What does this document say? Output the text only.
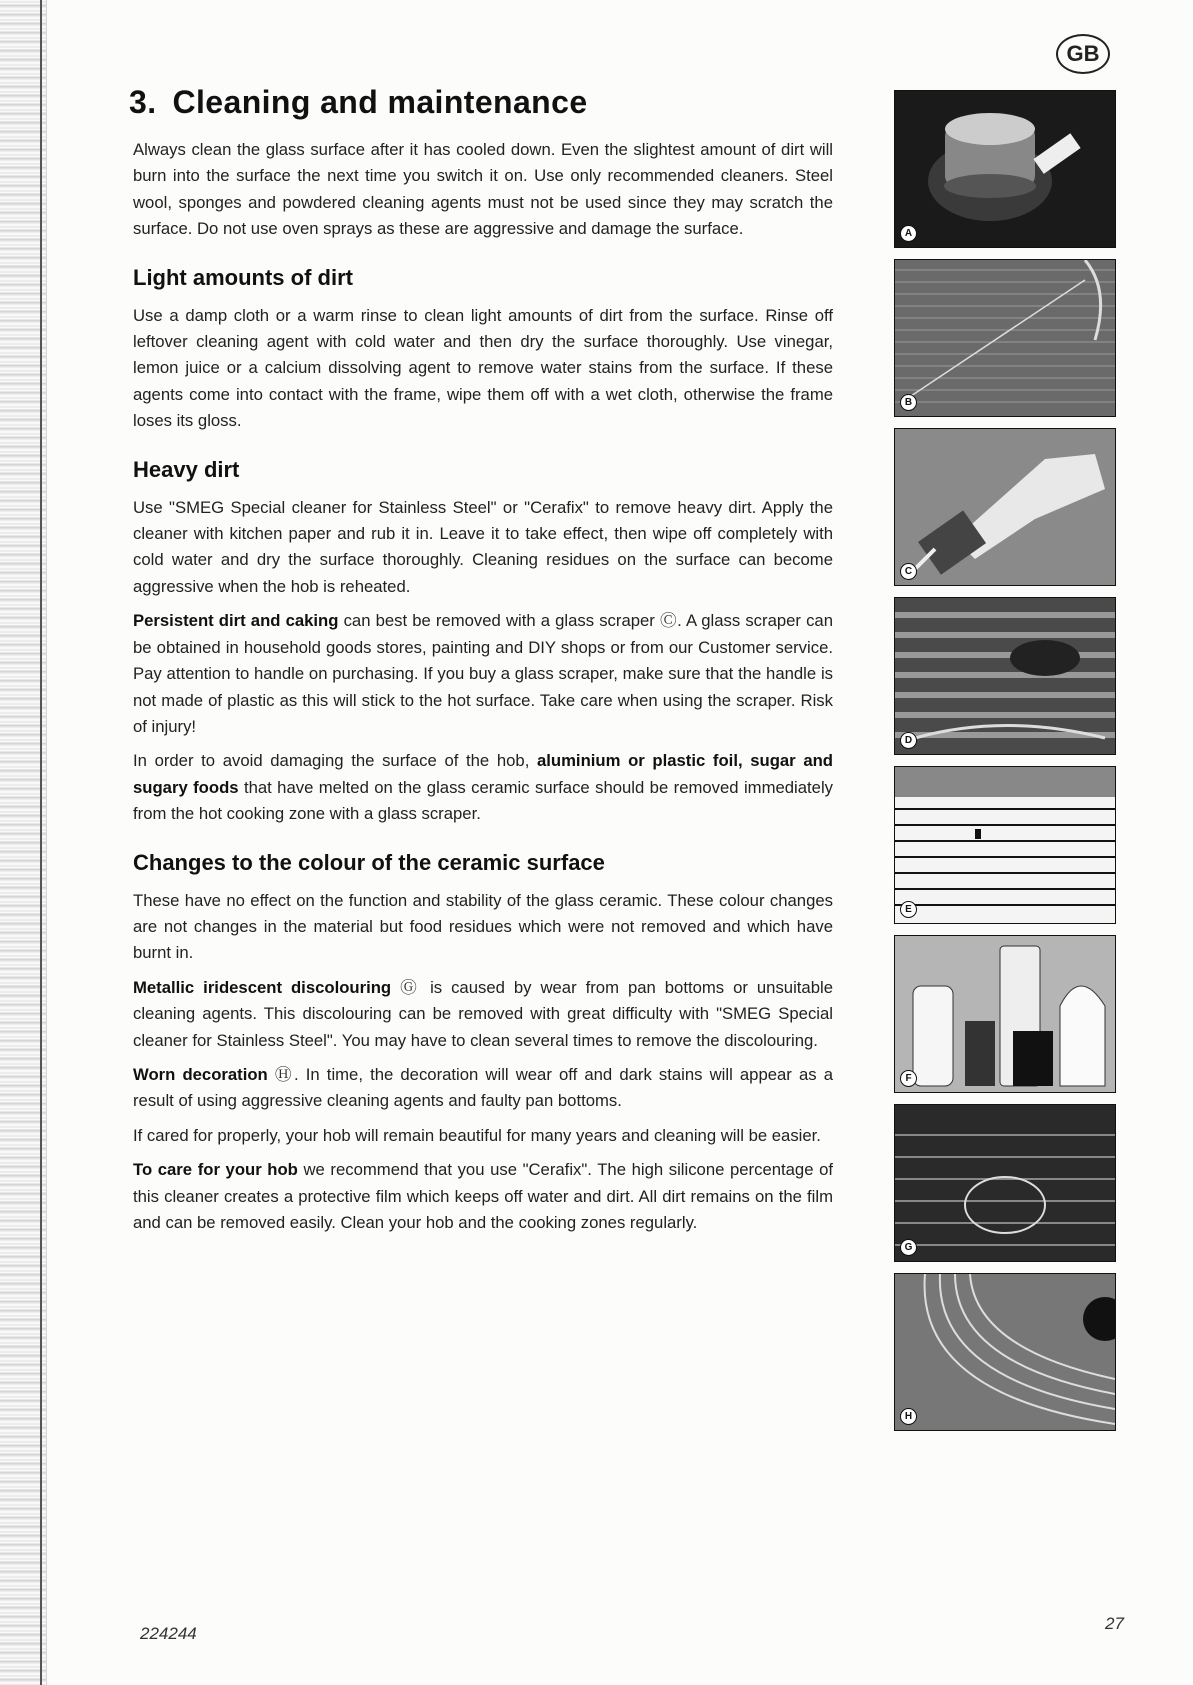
GB
3. Cleaning and maintenance

Always clean the glass surface after it has cooled down. Even the slightest amount of dirt will burn into the surface the next time you switch it on. Use only recommended cleaners. Steel wool, sponges and powdered cleaning agents must not be used since they may scratch the surface. Do not use oven sprays as these are aggressive and damage the surface.

Light amounts of dirt

Use a damp cloth or a warm rinse to clean light amounts of dirt from the surface. Rinse off leftover cleaning agent with cold water and then dry the surface thoroughly. Use vinegar, lemon juice or a calcium dissolving agent to remove water stains from the surface. If these agents come into contact with the frame, wipe them off with a wet cloth, otherwise the frame loses its gloss.

Heavy dirt

Use "SMEG Special cleaner for Stainless Steel" or "Cerafix" to remove heavy dirt. Apply the cleaner with kitchen paper and rub it in. Leave it to take effect, then wipe off completely with cold water and dry the surface thoroughly. Cleaning residues on the surface can become aggressive when the hob is reheated.

Persistent dirt and caking can best be removed with a glass scraper Ⓒ. A glass scraper can be obtained in household goods stores, painting and DIY shops or from our Customer service. Pay attention to handle on purchasing. If you buy a glass scraper, make sure that the handle is not made of plastic as this will stick to the hot surface. Take care when using the scraper. Risk of injury!

In order to avoid damaging the surface of the hob, aluminium or plastic foil, sugar and sugary foods that have melted on the glass ceramic surface should be removed immediately from the hot cooking zone with a glass scraper.

Changes to the colour of the ceramic surface

These have no effect on the function and stability of the glass ceramic. These colour changes are not changes in the material but food residues which were not removed and which have burnt in.

Metallic iridescent discolouring Ⓖ is caused by wear from pan bottoms or unsuitable cleaning agents. This discolouring can be removed with great difficulty with "SMEG Special cleaner for Stainless Steel". You may have to clean several times to remove the discolouring.

Worn decoration Ⓗ. In time, the decoration will wear off and dark stains will appear as a result of using aggressive cleaning agents and faulty pan bottoms.

If cared for properly, your hob will remain beautiful for many years and cleaning will be easier.

To care for your hob we recommend that you use "Cerafix". The high silicone percentage of this cleaner creates a protective film which keeps off water and dirt. All dirt remains on the film and can be removed easily. Clean your hob and the cooking zones regularly.

A
B
C
D
E
F
G
H
224244
27
